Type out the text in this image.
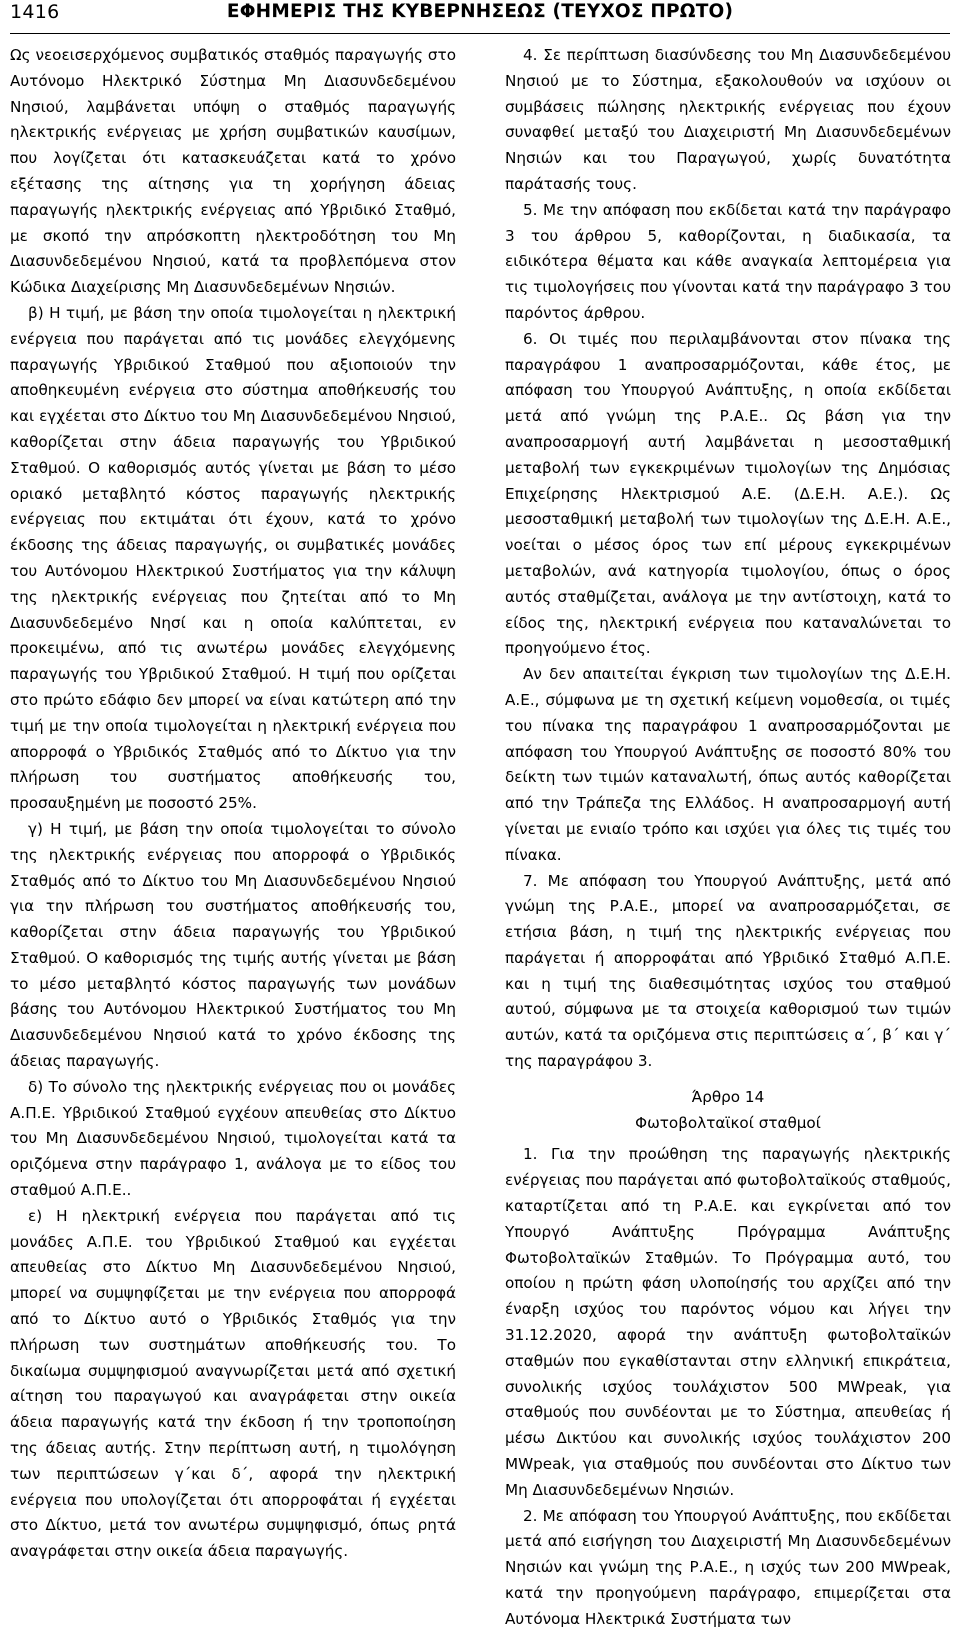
1416	ΕΦΗΜΕΡΙΣ ΤΗΣ ΚΥΒΕΡΝΗΣΕΩΣ (ΤΕΥΧΟΣ ΠΡΩΤΟ)

Ως νεοεισερχόμενος συμβατικός σταθμός παραγωγής στο Αυτόνομο Ηλεκτρικό Σύστημα Μη Διασυνδεδεμένου Νησιού, λαμβάνεται υπόψη ο σταθμός παραγωγής ηλεκτρικής ενέργειας με χρήση συμβατικών καυσίμων, που λογίζεται ότι κατασκευάζεται κατά το χρόνο εξέτασης της αίτησης για τη χορήγηση άδειας παραγωγής ηλεκτρικής ενέργειας από Υβριδικό Σταθμό, με σκοπό την απρόσκοπτη ηλεκτροδότηση του Μη Διασυνδεδεμένου Νησιού, κατά τα προβλεπόμενα στον Κώδικα Διαχείρισης Μη Διασυνδεδεμένων Νησιών.

β) Η τιμή, με βάση την οποία τιμολογείται η ηλεκτρική ενέργεια που παράγεται από τις μονάδες ελεγχόμενης παραγωγής Υβριδικού Σταθμού που αξιοποιούν την αποθηκευμένη ενέργεια στο σύστημα αποθήκευσής του και εγχέεται στο Δίκτυο του Μη Διασυνδεδεμένου Νησιού, καθορίζεται στην άδεια παραγωγής του Υβριδικού Σταθμού. Ο καθορισμός αυτός γίνεται με βάση το μέσο οριακό μεταβλητό κόστος παραγωγής ηλεκτρικής ενέργειας που εκτιμάται ότι έχουν, κατά το χρόνο έκδοσης της άδειας παραγωγής, οι συμβατικές μονάδες του Αυτόνομου Ηλεκτρικού Συστήματος για την κάλυψη της ηλεκτρικής ενέργειας που ζητείται από το Μη Διασυνδεδεμένο Νησί και η οποία καλύπτεται, εν προκειμένω, από τις ανωτέρω μονάδες ελεγχόμενης παραγωγής του Υβριδικού Σταθμού. Η τιμή που ορίζεται στο πρώτο εδάφιο δεν μπορεί να είναι κατώτερη από την τιμή με την οποία τιμολογείται η ηλεκτρική ενέργεια που απορροφά ο Υβριδικός Σταθμός από το Δίκτυο για την πλήρωση του συστήματος αποθήκευσής του, προσαυξημένη με ποσοστό 25%.

γ) Η τιμή, με βάση την οποία τιμολογείται το σύνολο της ηλεκτρικής ενέργειας που απορροφά ο Υβριδικός Σταθμός από το Δίκτυο του Μη Διασυνδεδεμένου Νησιού για την πλήρωση του συστήματος αποθήκευσής του, καθορίζεται στην άδεια παραγωγής του Υβριδικού Σταθμού. Ο καθορισμός της τιμής αυτής γίνεται με βάση το μέσο μεταβλητό κόστος παραγωγής των μονάδων βάσης του Αυτόνομου Ηλεκτρικού Συστήματος του Μη Διασυνδεδεμένου Νησιού κατά το χρόνο έκδοσης της άδειας παραγωγής.

δ) Το σύνολο της ηλεκτρικής ενέργειας που οι μονάδες Α.Π.Ε. Υβριδικού Σταθμού εγχέουν απευθείας στο Δίκτυο του Μη Διασυνδεδεμένου Νησιού, τιμολογείται κατά τα οριζόμενα στην παράγραφο 1, ανάλογα με το είδος του σταθμού Α.Π.Ε..

ε) Η ηλεκτρική ενέργεια που παράγεται από τις μονάδες Α.Π.Ε. του Υβριδικού Σταθμού και εγχέεται απευθείας στο Δίκτυο Μη Διασυνδεδεμένου Νησιού, μπορεί να συμψηφίζεται με την ενέργεια που απορροφά από το Δίκτυο αυτό ο Υβριδικός Σταθμός για την πλήρωση των συστημάτων αποθήκευσής του. Το δικαίωμα συμψηφισμού αναγνωρίζεται μετά από σχετική αίτηση του παραγωγού και αναγράφεται στην οικεία άδεια παραγωγής κατά την έκδοση ή την τροποποίηση της άδειας αυτής. Στην περίπτωση αυτή, η τιμολόγηση των περιπτώσεων γ΄και δ΄, αφορά την ηλεκτρική ενέργεια που υπολογίζεται ότι απορροφάται ή εγχέεται στο Δίκτυο, μετά τον ανωτέρω συμψηφισμό, όπως ρητά αναγράφεται στην οικεία άδεια παραγωγής.

4. Σε περίπτωση διασύνδεσης του Μη Διασυνδεδεμένου Νησιού με το Σύστημα, εξακολουθούν να ισχύουν οι συμβάσεις πώλησης ηλεκτρικής ενέργειας που έχουν συναφθεί μεταξύ του Διαχειριστή Μη Διασυνδεδεμένων Νησιών και του Παραγωγού, χωρίς δυνατότητα παράτασής τους.

5. Με την απόφαση που εκδίδεται κατά την παράγραφο 3 του άρθρου 5, καθορίζονται, η διαδικασία, τα ειδικότερα θέματα και κάθε αναγκαία λεπτομέρεια για τις τιμολογήσεις που γίνονται κατά την παράγραφο 3 του παρόντος άρθρου.

6. Οι τιμές που περιλαμβάνονται στον πίνακα της παραγράφου 1 αναπροσαρμόζονται, κάθε έτος, με απόφαση του Υπουργού Ανάπτυξης, η οποία εκδίδεται μετά από γνώμη της Ρ.Α.Ε.. Ως βάση για την αναπροσαρμογή αυτή λαμβάνεται η μεσοσταθμική μεταβολή των εγκεκριμένων τιμολογίων της Δημόσιας Επιχείρησης Ηλεκτρισμού Α.Ε. (Δ.Ε.Η. Α.Ε.). Ως μεσοσταθμική μεταβολή των τιμολογίων της Δ.Ε.Η. Α.Ε., νοείται ο μέσος όρος των επί μέρους εγκεκριμένων μεταβολών, ανά κατηγορία τιμολογίου, όπως ο όρος αυτός σταθμίζεται, ανάλογα με την αντίστοιχη, κατά το είδος της, ηλεκτρική ενέργεια που καταναλώνεται το προηγούμενο έτος.

Αν δεν απαιτείται έγκριση των τιμολογίων της Δ.Ε.Η. Α.Ε., σύμφωνα με τη σχετική κείμενη νομοθεσία, οι τιμές του πίνακα της παραγράφου 1 αναπροσαρμόζονται με απόφαση του Υπουργού Ανάπτυξης σε ποσοστό 80% του δείκτη των τιμών καταναλωτή, όπως αυτός καθορίζεται από την Τράπεζα της Ελλάδος. Η αναπροσαρμογή αυτή γίνεται με ενιαίο τρόπο και ισχύει για όλες τις τιμές του πίνακα.

7. Με απόφαση του Υπουργού Ανάπτυξης, μετά από γνώμη της Ρ.Α.Ε., μπορεί να αναπροσαρμόζεται, σε ετήσια βάση, η τιμή της ηλεκτρικής ενέργειας που παράγεται ή απορροφάται από Υβριδικό Σταθμό Α.Π.Ε. και η τιμή της διαθεσιμότητας ισχύος του σταθμού αυτού, σύμφωνα με τα στοιχεία καθορισμού των τιμών αυτών, κατά τα οριζόμενα στις περιπτώσεις α΄, β΄ και γ΄ της παραγράφου 3.

Άρθρο 14

Φωτοβολταϊκοί σταθμοί

1. Για την προώθηση της παραγωγής ηλεκτρικής ενέργειας που παράγεται από φωτοβολταϊκούς σταθμούς, καταρτίζεται από τη Ρ.Α.Ε. και εγκρίνεται από τον Υπουργό Ανάπτυξης Πρόγραμμα Ανάπτυξης Φωτοβολταϊκών Σταθμών. Το Πρόγραμμα αυτό, του οποίου η πρώτη φάση υλοποίησής του αρχίζει από την έναρξη ισχύος του παρόντος νόμου και λήγει την 31.12.2020, αφορά την ανάπτυξη φωτοβολταϊκών σταθμών που εγκαθίστανται στην ελληνική επικράτεια, συνολικής ισχύος τουλάχιστον 500 MWpeak, για σταθμούς που συνδέονται με το Σύστημα, απευθείας ή μέσω Δικτύου και συνολικής ισχύος τουλάχιστον 200 MWpeak, για σταθμούς που συνδέονται στο Δίκτυο των Μη Διασυνδεδεμένων Νησιών.

2. Με απόφαση του Υπουργού Ανάπτυξης, που εκδίδεται μετά από εισήγηση του Διαχειριστή Μη Διασυνδεδεμένων Νησιών και γνώμη της Ρ.Α.Ε., η ισχύς των 200 MWpeak, κατά την προηγούμενη παράγραφο, επιμερίζεται στα Αυτόνομα Ηλεκτρικά Συστήματα των
